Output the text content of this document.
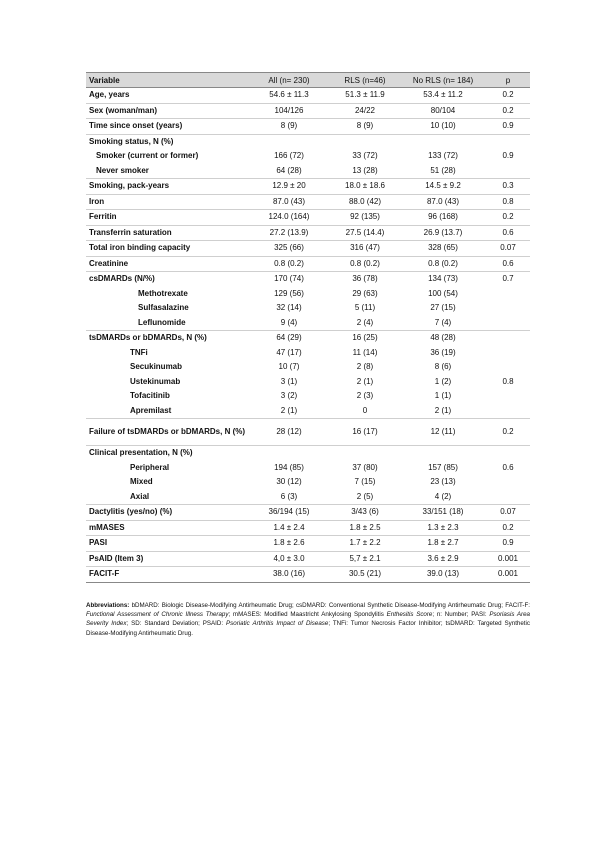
Variable	All (n= 230)	RLS (n=46)	No RLS (n= 184)	p
Age, years	54.6 ± 11.3	51.3 ± 11.9	53.4 ± 11.2	0.2
Sex (woman/man)	104/126	24/22	80/104	0.2
Time since onset (years)	8 (9)	8 (9)	10 (10)	0.9
Smoking status, N (%)				
Smoker (current or former)	166 (72)	33 (72)	133 (72)	0.9
Never smoker	64 (28)	13 (28)	51 (28)	
Smoking, pack-years	12.9 ± 20	18.0 ± 18.6	14.5 ± 9.2	0.3
Iron	87.0 (43)	88.0 (42)	87.0 (43)	0.8
Ferritin	124.0 (164)	92 (135)	96 (168)	0.2
Transferrin saturation	27.2 (13.9)	27.5 (14.4)	26.9 (13.7)	0.6
Total iron binding capacity	325 (66)	316 (47)	328 (65)	0.07
Creatinine	0.8 (0.2)	0.8 (0.2)	0.8 (0.2)	0.6
csDMARDs (N/%)	170 (74)	36 (78)	134 (73)	0.7
Methotrexate	129 (56)	29 (63)	100 (54)	
Sulfasalazine	32 (14)	5 (11)	27 (15)	
Leflunomide	9 (4)	2 (4)	7 (4)	
tsDMARDs or bDMARDs, N (%)	64 (29)	16 (25)	48 (28)	
TNFi	47 (17)	11 (14)	36 (19)	
Secukinumab	10 (7)	2 (8)	8 (6)	
Ustekinumab	3 (1)	2 (1)	1 (2)	0.8
Tofacitinib	3 (2)	2 (3)	1 (1)	
Apremilast	2 (1)	0	2 (1)	
Failure of tsDMARDs or bDMARDs, N (%)	28 (12)	16 (17)	12 (11)	0.2
Clinical presentation, N (%)				
Peripheral	194 (85)	37 (80)	157 (85)	0.6
Mixed	30 (12)	7 (15)	23 (13)	
Axial	6 (3)	2 (5)	4 (2)	
Dactylitis (yes/no) (%)	36/194 (15)	3/43 (6)	33/151 (18)	0.07
mMASES	1.4 ± 2.4	1.8 ± 2.5	1.3 ± 2.3	0.2
PASI	1.8 ± 2.6	1.7 ± 2.2	1.8 ± 2.7	0.9
PsAID (Item 3)	4,0 ± 3.0	5,7 ± 2.1	3.6 ± 2.9	0.001
FACIT-F	38.0 (16)	30.5 (21)	39.0 (13)	0.001
Abbreviations: bDMARD: Biologic Disease-Modifying Antirheumatic Drug; csDMARD: Conventional Synthetic Disease-Modifying Antirheumatic Drug; FACIT-F: Functional Assessment of Chronic Illness Therapy; mMASES: Modified Maastricht Ankylosing Spondylitis Enthesitis Score; n: Number; PASI: Psoriasis Area Severity Index; SD: Standard Deviation; PSAID: Psoriatic Arthritis Impact of Disease; TNFi: Tumor Necrosis Factor Inhibitor; tsDMARD: Targeted Synthetic Disease-Modifying Antirheumatic Drug.
